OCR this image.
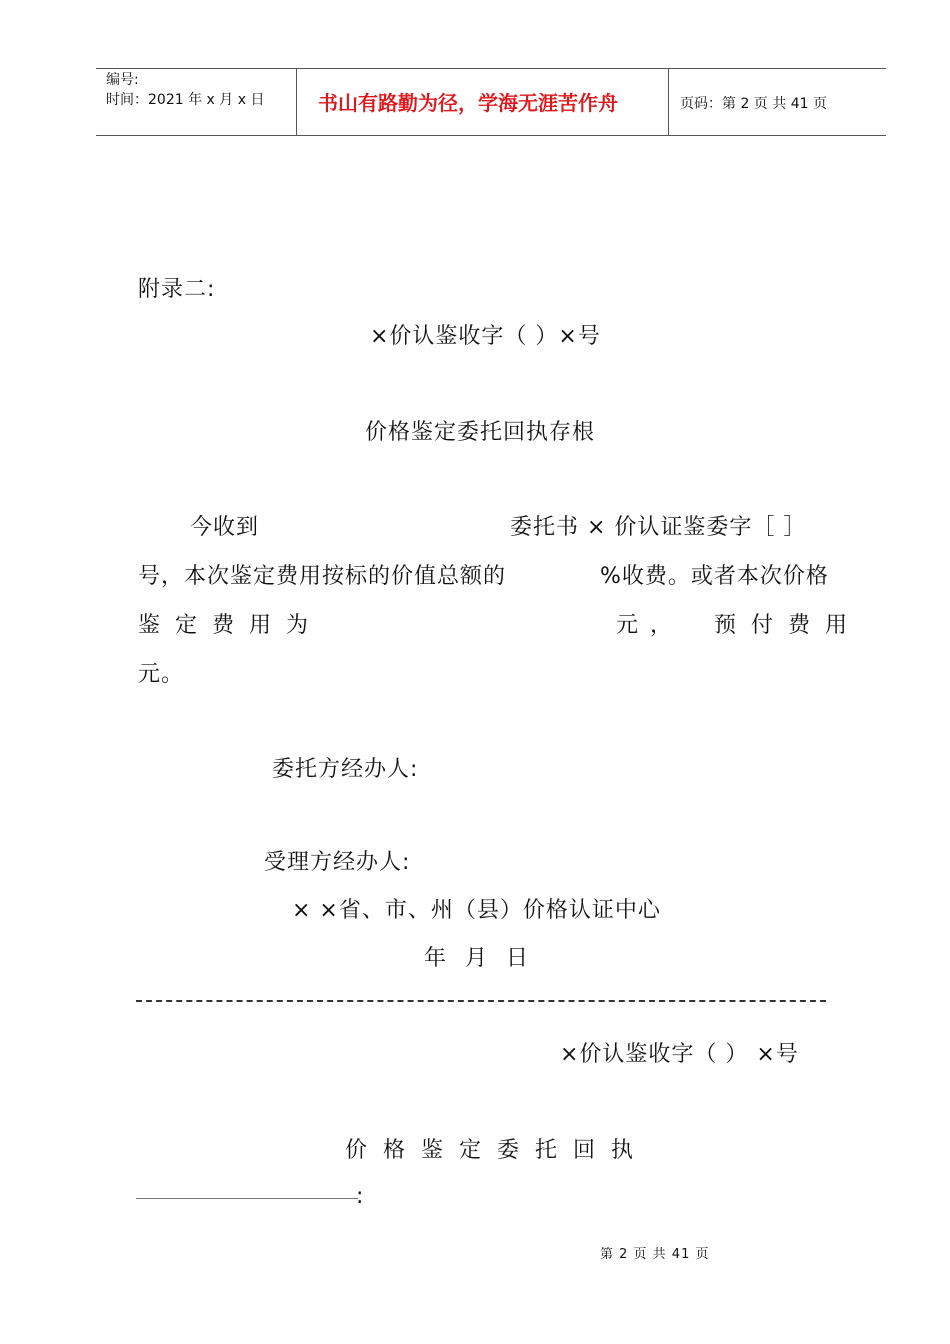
编号:
时间：2021 年 x 月 x 日	书山有路勤为径，学海无涯苦作舟	页码：第 2 页 共 41 页
附录二:
×价认鉴收字（ ）×号
价格鉴定委托回执存根
今收到	委托书 × 价认证鉴委字［ ］
号，本次鉴定费用按标的价值总额的	%收费。或者本次价格
鉴 定 费 用 为	元， 预 付 费 用
元。
委托方经办人:
受理方经办人:
× ×省、市、州（县）价格认证中心
年 月 日
×价认鉴收字（ ） ×号
价格鉴定委托回执
:
第 2 页 共 41 页
